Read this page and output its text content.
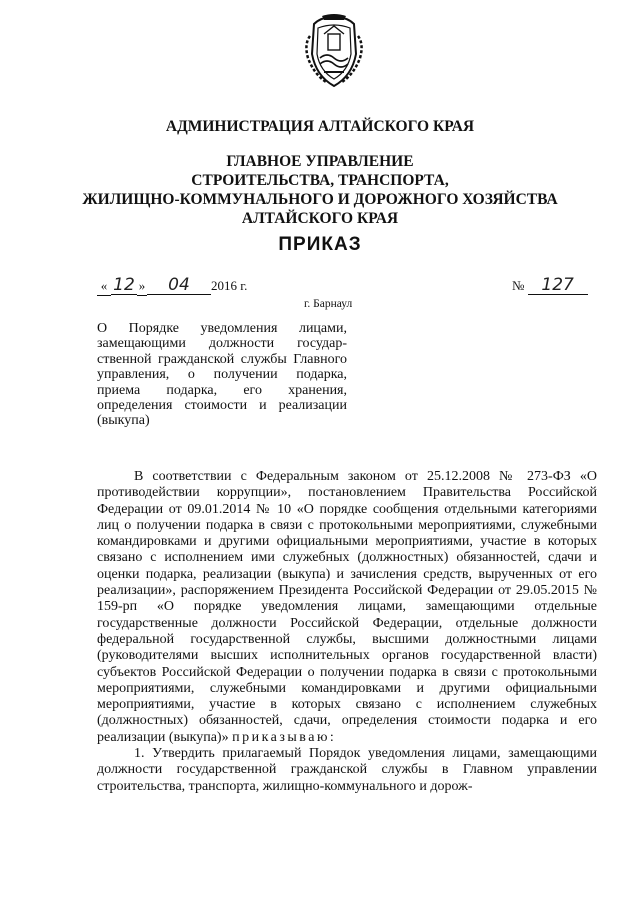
АДМИНИСТРАЦИЯ АЛТАЙСКОГО КРАЯ
ГЛАВНОЕ УПРАВЛЕНИЕ
СТРОИТЕЛЬСТВА, ТРАНСПОРТА,
ЖИЛИЩНО-КОММУНАЛЬНОГО И ДОРОЖНОГО ХОЗЯЙСТВА
АЛТАЙСКОГО КРАЯ
ПРИКАЗ
« 12 » 04 2016 г.	№ 127
г. Барнаул
О Порядке уведомления лицами, замещающими должности государственной гражданской службы Главного управления, о получении подарка, приема подарка, его хранения, определения стоимости и реализации (выкупа)

В соответствии с Федеральным законом от 25.12.2008 № 273-ФЗ «О противодействии коррупции», постановлением Правительства Российской Федерации от 09.01.2014 № 10 «О порядке сообщения отдельными категориями лиц о получении подарка в связи с протокольными мероприятиями, служебными командировками и другими официальными мероприятиями, участие в которых связано с исполнением ими служебных (должностных) обязанностей, сдачи и оценки подарка, реализации (выкупа) и зачисления средств, вырученных от его реализации», распоряжением Президента Российской Федерации от 29.05.2015 № 159-рп «О порядке уведомления лицами, замещающими отдельные государственные должности Российской Федерации, отдельные должности федеральной государственной службы, высшими должностными лицами (руководителями высших исполнительных органов государственной власти) субъектов Российской Федерации о получении подарка в связи с протокольными мероприятиями, служебными командировками и другими официальными мероприятиями, участие в которых связано с исполнением служебных (должностных) обязанностей, сдачи, определения стоимости подарка и его реализации (выкупа)» приказываю:

1. Утвердить прилагаемый Порядок уведомления лицами, замещающими должности государственной гражданской службы в Главном управлении строительства, транспорта, жилищно-коммунального и дорож-
